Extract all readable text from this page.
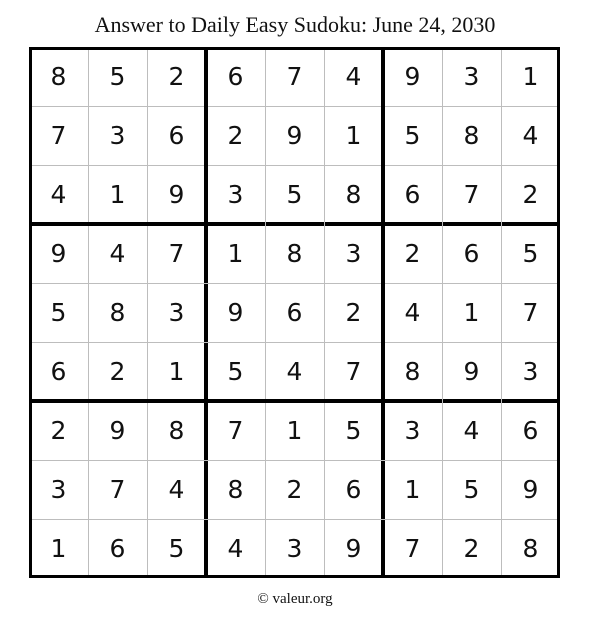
Answer to Daily Easy Sudoku: June 24, 2030
8	5	2	6	7	4	9	3	1
7	3	6	2	9	1	5	8	4
4	1	9	3	5	8	6	7	2
9	4	7	1	8	3	2	6	5
5	8	3	9	6	2	4	1	7
6	2	1	5	4	7	8	9	3
2	9	8	7	1	5	3	4	6
3	7	4	8	2	6	1	5	9
1	6	5	4	3	9	7	2	8
© valeur.org
